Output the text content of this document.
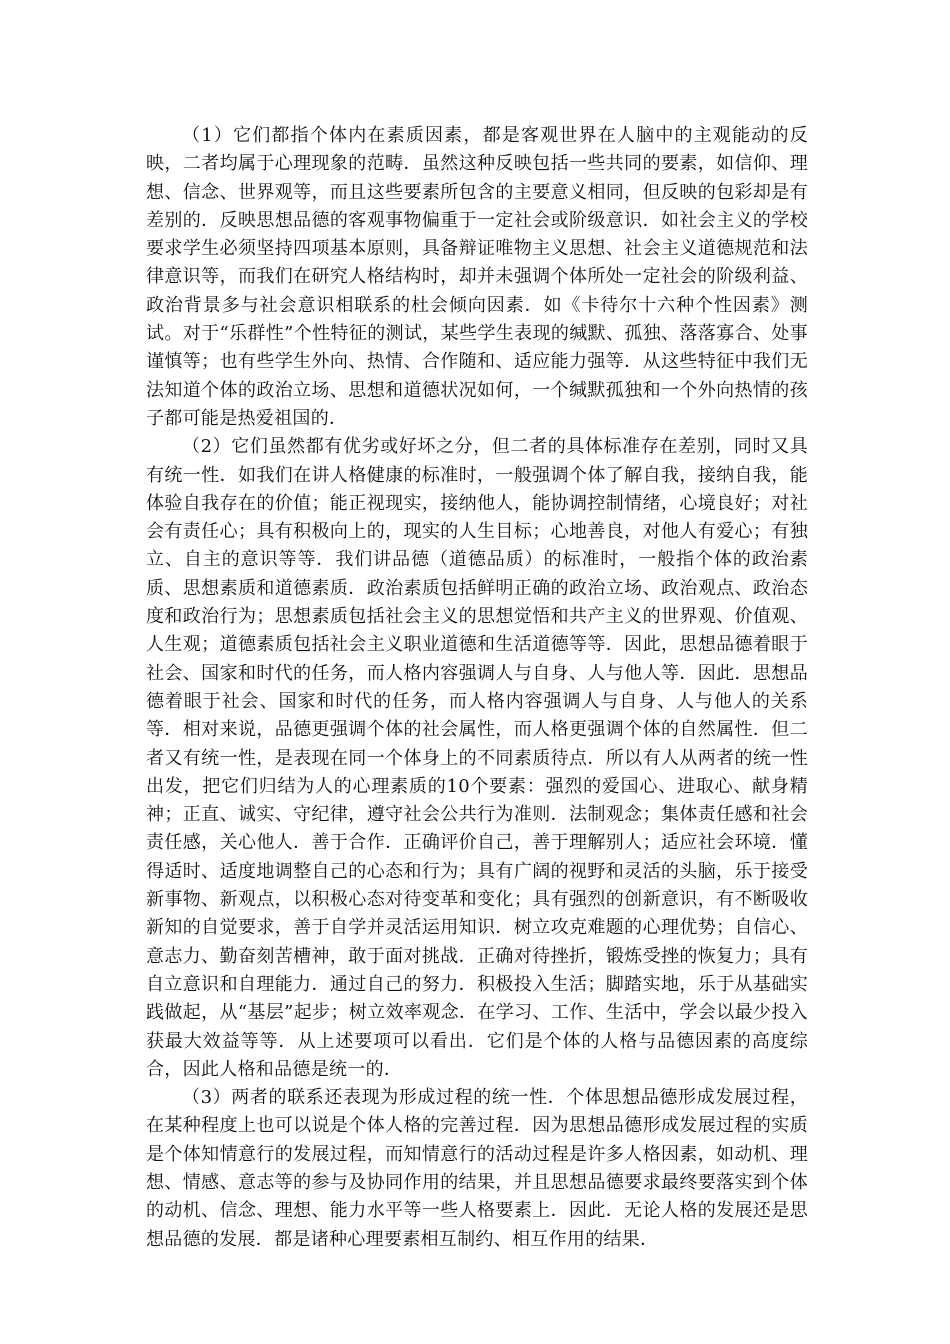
（1）它们都指个体内在素质因素，都是客观世界在人脑中的主观能动的反映，二者均属于心理现象的范畴．虽然这种反映包括一些共同的要素，如信仰、理想、信念、世界观等，而且这些要素所包含的主要意义相同，但反映的包彩却是有差别的．反映思想品德的客观事物偏重于一定社会或阶级意识．如社会主义的学校要求学生必须坚持四项基本原则，具备辩证唯物主义思想、社会主义道德规范和法律意识等，而我们在研究人格结构时，却并未强调个体所处一定社会的阶级利益、政治背景多与社会意识相联系的杜会倾向因素．如《卡待尔十六种个性因素》测试。对于“乐群性”个性特征的测试，某些学生表现的缄默、孤独、落落寡合、处事谨慎等；也有些学生外向、热情、合作随和、适应能力强等．从这些特征中我们无法知道个体的政治立场、思想和道德状况如何，一个缄默孤独和一个外向热情的孩子都可能是热爱祖国的．

（2）它们虽然都有优劣或好坏之分，但二者的具体标准存在差别，同时又具有统一性．如我们在讲人格健康的标准时，一般强调个体了解自我，接纳自我，能体验自我存在的价值；能正视现实，接纳他人，能协调控制情绪，心境良好；对社会有责任心；具有积极向上的，现实的人生目标；心地善良，对他人有爱心；有独立、自主的意识等等．我们讲品德（道德品质）的标准时，一般指个体的政治素质、思想素质和道德素质．政治素质包括鲜明正确的政治立场、政治观点、政治态度和政治行为；思想素质包括社会主义的思想觉悟和共产主义的世界观、价值观、人生观；道德素质包括社会主义职业道德和生活道德等等．因此，思想品德着眼于社会、国家和时代的任务，而人格内容强调人与自身、人与他人等．因此．思想品德着眼于社会、国家和时代的任务，而人格内容强调人与自身、人与他人的关系等．相对来说，品德更强调个体的社会属性，而人格更强调个体的自然属性．但二者又有统一性，是表现在同一个体身上的不同素质待点．所以有人从两者的统一性出发，把它们归结为人的心理素质的10个要素：强烈的爱国心、进取心、献身精神；正直、诚实、守纪律，遵守社会公共行为准则．法制观念；集体责任感和社会责任感，关心他人．善于合作．正确评价自己，善于理解别人；适应社会环境．懂得适时、适度地调整自己的心态和行为；具有广阔的视野和灵活的头脑，乐于接受新事物、新观点，以积极心态对待变革和变化；具有强烈的创新意识，有不断吸收新知的自觉要求，善于自学并灵活运用知识．树立攻克难题的心理优势；自信心、意志力、勤奋刻苦槽神，敢于面对挑战．正确对待挫折，锻炼受挫的恢复力；具有自立意识和自理能力．通过自己的努力．积极投入生活；脚踏实地，乐于从基础实践做起，从“基层”起步；树立效率观念．在学习、工作、生活中，学会以最少投入获最大效益等等．从上述要项可以看出．它们是个体的人格与品德因素的高度综合，因此人格和品德是统一的．

（3）两者的联系还表现为形成过程的统一性．个体思想品德形成发展过程，在某种程度上也可以说是个体人格的完善过程．因为思想品德形成发展过程的实质是个体知情意行的发展过程，而知情意行的活动过程是许多人格因素，如动机、理想、情感、意志等的参与及协同作用的结果，并且思想品德要求最终要落实到个体的动机、信念、理想、能力水平等一些人格要素上．因此．无论人格的发展还是思想品德的发展．都是诸种心理要素相互制约、相互作用的结果．
